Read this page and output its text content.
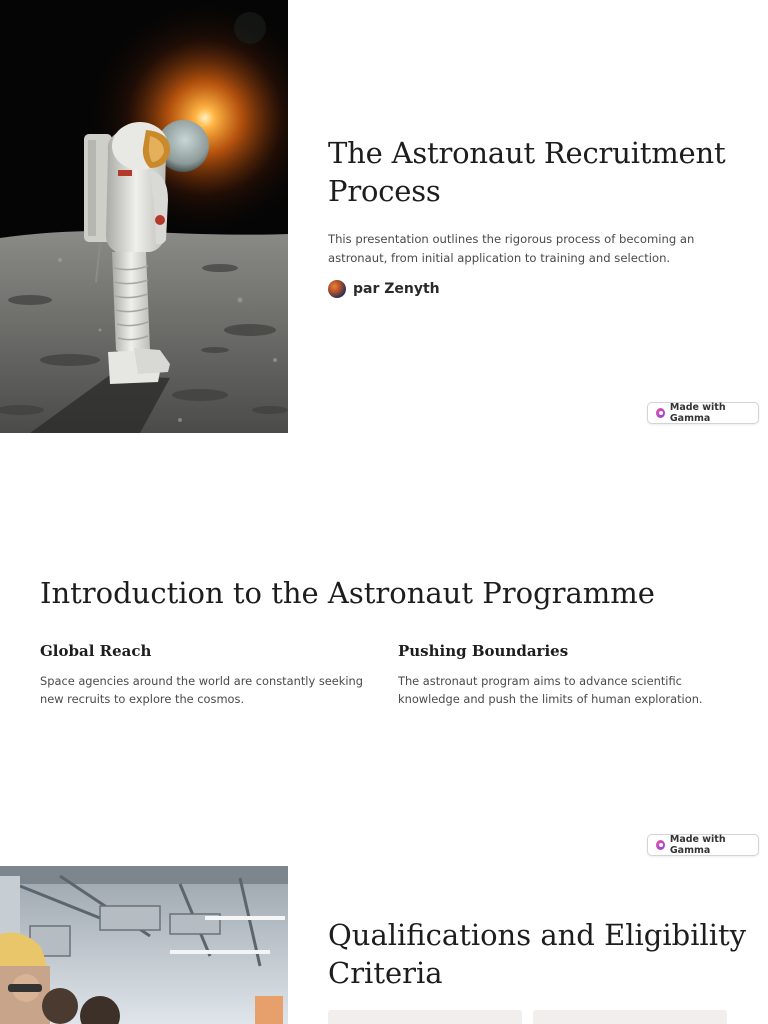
The Astronaut Recruitment Process

This presentation outlines the rigorous process of becoming an astronaut, from initial application to training and selection.

par Zenyth
Made with Gamma
Introduction to the Astronaut Programme
Global Reach

Space agencies around the world are constantly seeking new recruits to explore the cosmos.

Pushing Boundaries

The astronaut program aims to advance scientific knowledge and push the limits of human exploration.

Made with Gamma
Qualifications and Eligibility Criteria
